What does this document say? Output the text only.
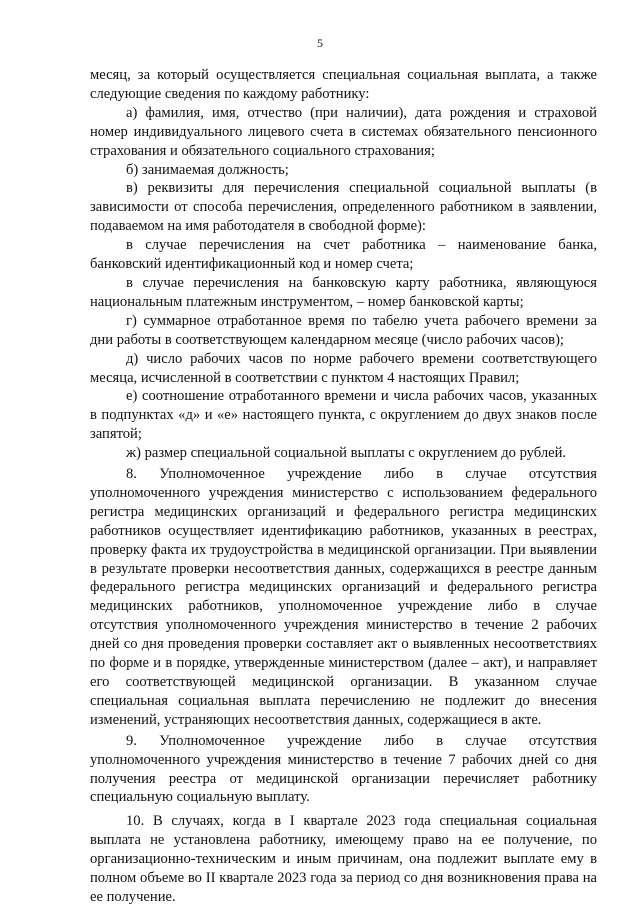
5

месяц, за который осуществляется специальная социальная выплата, а также следующие сведения по каждому работнику:

а) фамилия, имя, отчество (при наличии), дата рождения и страховой номер индивидуального лицевого счета в системах обязательного пенсионного страхования и обязательного социального страхования;

б) занимаемая должность;

в) реквизиты для перечисления специальной социальной выплаты (в зависимости от способа перечисления, определенного работником в заявлении, подаваемом на имя работодателя в свободной форме):

в случае перечисления на счет работника – наименование банка, банковский идентификационный код и номер счета;

в случае перечисления на банковскую карту работника, являющуюся национальным платежным инструментом, – номер банковской карты;

г) суммарное отработанное время по табелю учета рабочего времени за дни работы в соответствующем календарном месяце (число рабочих часов);

д) число рабочих часов по норме рабочего времени соответствующего месяца, исчисленной в соответствии с пунктом 4 настоящих Правил;

е) соотношение отработанного времени и числа рабочих часов, указанных в подпунктах «д» и «е» настоящего пункта, с округлением до двух знаков после запятой;

ж) размер специальной социальной выплаты с округлением до рублей.

8. Уполномоченное учреждение либо в случае отсутствия уполномоченного учреждения министерство с использованием федерального регистра медицинских организаций и федерального регистра медицинских работников осуществляет идентификацию работников, указанных в реестрах, проверку факта их трудоустройства в медицинской организации. При выявлении в результате проверки несоответствия данных, содержащихся в реестре данным федерального регистра медицинских организаций и федерального регистра медицинских работников, уполномоченное учреждение либо в случае отсутствия уполномоченного учреждения министерство в течение 2 рабочих дней со дня проведения проверки составляет акт о выявленных несоответствиях по форме и в порядке, утвержденные министерством (далее – акт), и направляет его соответствующей медицинской организации. В указанном случае специальная социальная выплата перечислению не подлежит до внесения изменений, устраняющих несоответствия данных, содержащиеся в акте.

9. Уполномоченное учреждение либо в случае отсутствия уполномоченного учреждения министерство в течение 7 рабочих дней со дня получения реестра от медицинской организации перечисляет работнику специальную социальную выплату.

10. В случаях, когда в I квартале 2023 года специальная социальная выплата не установлена работнику, имеющему право на ее получение, по организационно-техническим и иным причинам, она подлежит выплате ему в полном объеме во II квартале 2023 года за период со дня возникновения права на ее получение.
